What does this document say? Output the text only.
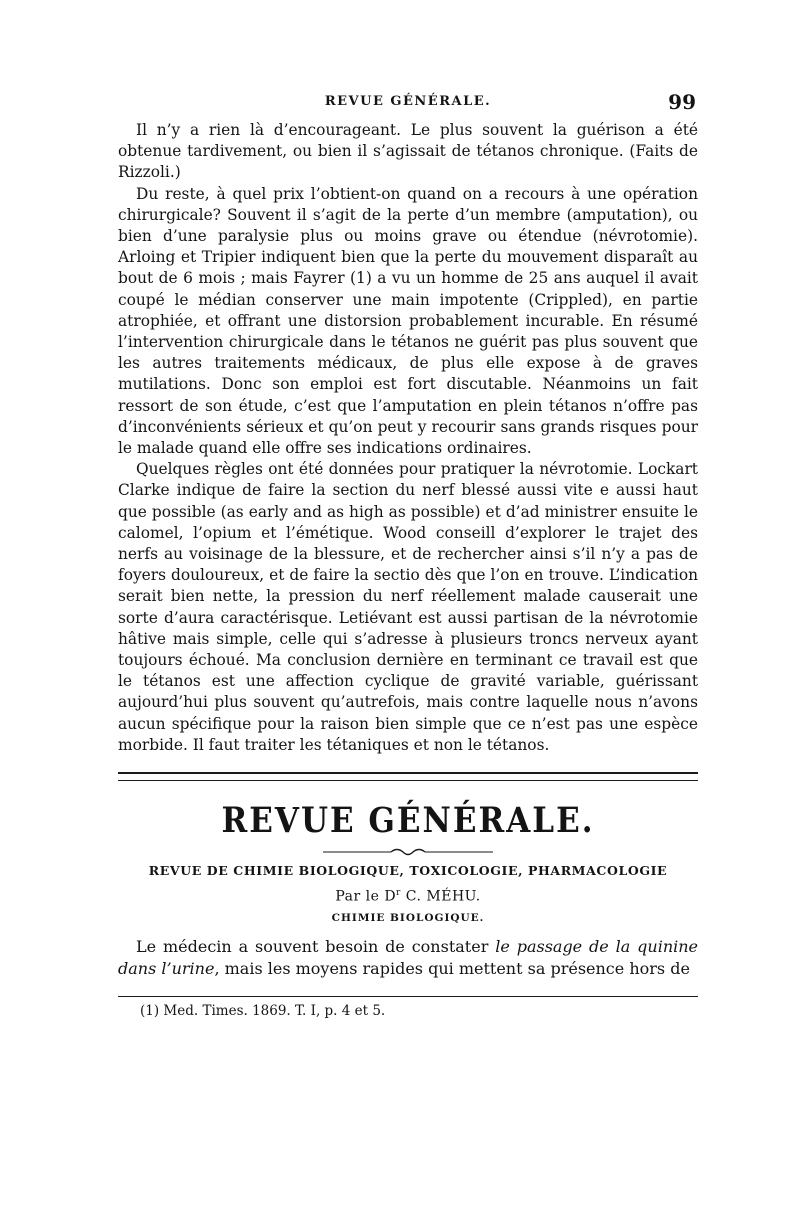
REVUE GÉNÉRALE.	99

Il n’y a rien là d’encourageant. Le plus souvent la guérison a été obtenue tardivement, ou bien il s’agissait de tétanos chronique. (Faits de Rizzoli.)

Du reste, à quel prix l’obtient-on quand on a recours à une opération chirurgicale? Souvent il s’agit de la perte d’un membre (amputation), ou bien d’une paralysie plus ou moins grave ou étendue (névrotomie). Arloing et Tripier indiquent bien que la perte du mouvement disparaît au bout de 6 mois ; mais Fayrer (1) a vu un homme de 25 ans auquel il avait coupé le médian conserver une main impotente (Crippled), en partie atrophiée, et offrant une distorsion probablement incurable. En résumé l’intervention chirurgicale dans le tétanos ne guérit pas plus souvent que les autres traitements médicaux, de plus elle expose à de graves mutilations. Donc son emploi est fort discutable. Néanmoins un fait ressort de son étude, c’est que l’amputation en plein tétanos n’offre pas d’inconvénients sérieux et qu’on peut y recourir sans grands risques pour le malade quand elle offre ses indications ordinaires.

Quelques règles ont été données pour pratiquer la névrotomie. Lockart Clarke indique de faire la section du nerf blessé aussi vite e aussi haut que possible (as early and as high as possible) et d’ad ministrer ensuite le calomel, l’opium et l’émétique. Wood conseill d’explorer le trajet des nerfs au voisinage de la blessure, et de rechercher ainsi s’il n’y a pas de foyers douloureux, et de faire la sectio dès que l’on en trouve. L’indication serait bien nette, la pression du nerf réellement malade causerait une sorte d’aura caractérisque. Letiévant est aussi partisan de la névrotomie hâtive mais simple, celle qui s’adresse à plusieurs troncs nerveux ayant toujours échoué. Ma conclusion dernière en terminant ce travail est que le tétanos est une affection cyclique de gravité variable, guérissant aujourd’hui plus souvent qu’autrefois, mais contre laquelle nous n’avons aucun spécifique pour la raison bien simple que ce n’est pas une espèce morbide. Il faut traiter les tétaniques et non le tétanos.

REVUE GÉNÉRALE.
REVUE DE CHIMIE BIOLOGIQUE, TOXICOLOGIE, PHARMACOLOGIE
Par le $D^r$ C. MÉHU.
CHIMIE BIOLOGIQUE.

Le médecin a souvent besoin de constater le passage de la quinine dans l’urine, mais les moyens rapides qui mettent sa présence hors de

(1) Med. Times. 1869. T. I, p. 4 et 5.
